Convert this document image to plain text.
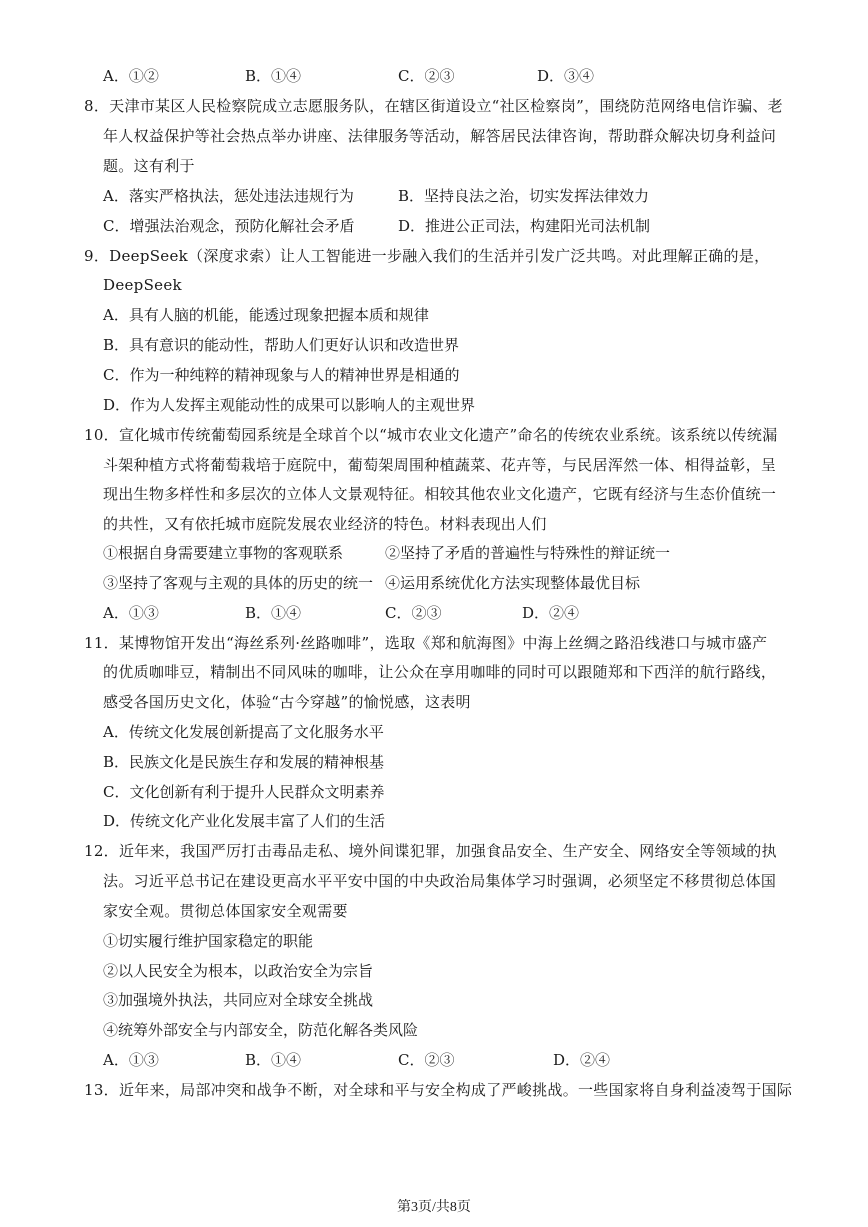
A．①②	B．①④	C．②③	D．③④
8．天津市某区人民检察院成立志愿服务队，在辖区街道设立“社区检察岗”，围绕防范网络电信诈骗、老
年人权益保护等社会热点举办讲座、法律服务等活动，解答居民法律咨询，帮助群众解决切身利益问
题。这有利于
A．落实严格执法，惩处违法违规行为	B．坚持良法之治，切实发挥法律效力
C．增强法治观念，预防化解社会矛盾	D．推进公正司法，构建阳光司法机制
9．DeepSeek（深度求索）让人工智能进一步融入我们的生活并引发广泛共鸣。对此理解正确的是，
DeepSeek
A．具有人脑的机能，能透过现象把握本质和规律
B．具有意识的能动性，帮助人们更好认识和改造世界
C．作为一种纯粹的精神现象与人的精神世界是相通的
D．作为人发挥主观能动性的成果可以影响人的主观世界
10．宣化城市传统葡萄园系统是全球首个以“城市农业文化遗产”命名的传统农业系统。该系统以传统漏
斗架种植方式将葡萄栽培于庭院中，葡萄架周围种植蔬菜、花卉等，与民居浑然一体、相得益彰，呈
现出生物多样性和多层次的立体人文景观特征。相较其他农业文化遗产，它既有经济与生态价值统一
的共性，又有依托城市庭院发展农业经济的特色。材料表现出人们
①根据自身需要建立事物的客观联系	②坚持了矛盾的普遍性与特殊性的辩证统一
③坚持了客观与主观的具体的历史的统一 ④运用系统优化方法实现整体最优目标
A．①③	B．①④	C．②③	D．②④
11．某博物馆开发出“海丝系列·丝路咖啡”，选取《郑和航海图》中海上丝绸之路沿线港口与城市盛产
的优质咖啡豆，精制出不同风味的咖啡，让公众在享用咖啡的同时可以跟随郑和下西洋的航行路线，
感受各国历史文化，体验“古今穿越”的愉悦感，这表明
A．传统文化发展创新提高了文化服务水平
B．民族文化是民族生存和发展的精神根基
C．文化创新有利于提升人民群众文明素养
D．传统文化产业化发展丰富了人们的生活
12．近年来，我国严厉打击毒品走私、境外间谍犯罪，加强食品安全、生产安全、网络安全等领域的执
法。习近平总书记在建设更高水平平安中国的中央政治局集体学习时强调，必须坚定不移贯彻总体国
家安全观。贯彻总体国家安全观需要
①切实履行维护国家稳定的职能
②以人民安全为根本，以政治安全为宗旨
③加强境外执法，共同应对全球安全挑战
④统筹外部安全与内部安全，防范化解各类风险
A．①③	B．①④	C．②③	D．②④
13．近年来，局部冲突和战争不断，对全球和平与安全构成了严峻挑战。一些国家将自身利益凌驾于国际
第3页/共8页
